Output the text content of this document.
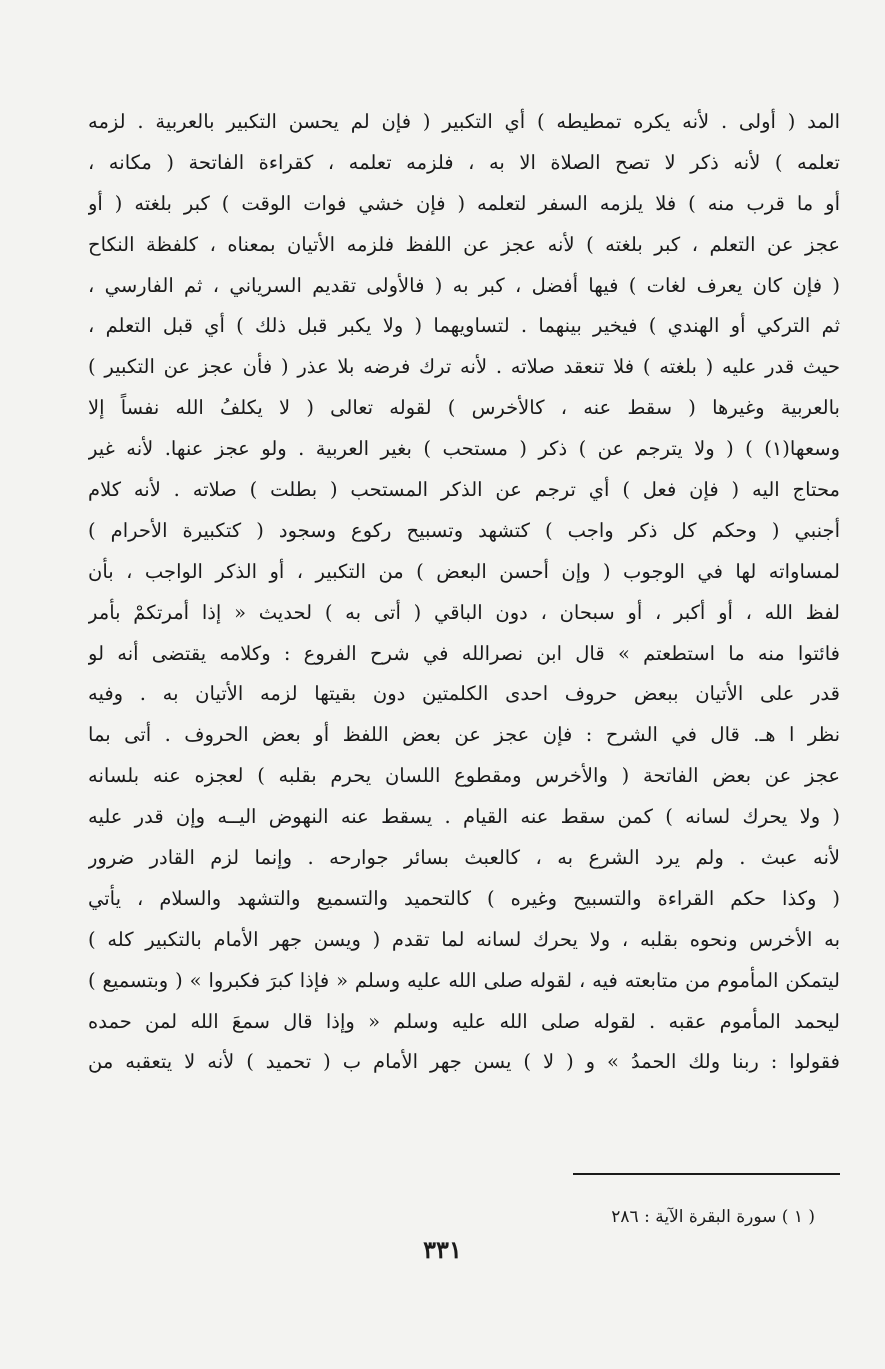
المد ( أولى . لأنه يكره تمطيطه ) أي التكبير ( فإن لم يحسن التكبير بالعربية . لزمه
تعلمه ) لأنه ذكر لا تصح الصلاة الا به ، فلزمه تعلمه ، كقراءة الفاتحة ( مكانه ،
أو ما قرب منه ) فلا يلزمه السفر لتعلمه ( فإن خشي فوات الوقت ) كبر بلغته ( أو
عجز عن التعلم ، كبر بلغته ) لأنه عجز عن اللفظ فلزمه الأتيان بمعناه ، كلفظة النكاح
( فإن كان يعرف لغات ) فيها أفضل ، كبر به ( فالأولى تقديم السرياني ، ثم الفارسي ،
ثم التركي أو الهندي ) فيخير بينهما . لتساويهما ( ولا يكبر قبل ذلك ) أي قبل التعلم ،
حيث قدر عليه ( بلغته ) فلا تنعقد صلاته . لأنه ترك فرضه بلا عذر ( فأن عجز عن التكبير )
بالعربية وغيرها ( سقط عنه ، كالأخرس ) لقوله تعالى ( لا يكلفُ الله نفساً إلا
وسعها(١) ) ( ولا يترجم عن ) ذكر ( مستحب ) بغير العربية . ولو عجز عنها. لأنه غير
محتاج اليه ( فإن فعل ) أي ترجم عن الذكر المستحب ( بطلت ) صلاته . لأنه كلام
أجنبي ( وحكم كل ذكر واجب ) كتشهد وتسبيح ركوع وسجود ( كتكبيرة الأحرام )
لمساواته لها في الوجوب ( وإن أحسن البعض ) من التكبير ، أو الذكر الواجب ، بأن
لفظ الله ، أو أكبر ، أو سبحان ، دون الباقي ( أتى به ) لحديث « إذا أمرتكمْ بأمر
فائتوا منه ما استطعتم » قال ابن نصرالله في شرح الفروع : وكلامه يقتضى أنه لو
قدر على الأتيان ببعض حروف احدى الكلمتين دون بقيتها لزمه الأتيان به . وفيه
نظر ا هـ. قال في الشرح : فإن عجز عن بعض اللفظ أو بعض الحروف . أتى بما
عجز عن بعض الفاتحة ( والأخرس ومقطوع اللسان يحرم بقلبه ) لعجزه عنه بلسانه
( ولا يحرك لسانه ) كمن سقط عنه القيام . يسقط عنه النهوض اليــه وإن قدر عليه
لأنه عبث . ولم يرد الشرع به ، كالعبث بسائر جوارحه . وإنما لزم القادر ضرور
( وكذا حكم القراءة والتسبيح وغيره ) كالتحميد والتسميع والتشهد والسلام ، يأتي
به الأخرس ونحوه بقلبه ، ولا يحرك لسانه لما تقدم ( ويسن جهر الأمام بالتكبير كله )
ليتمكن المأموم من متابعته فيه ، لقوله صلى الله عليه وسلم « فإذا كبرَ فكبروا » ( وبتسميع )
ليحمد المأموم عقبه . لقوله صلى الله عليه وسلم « وإذا قال سمعَ الله لمن حمده
فقولوا : ربنا ولك الحمدُ » و ( لا ) يسن جهر الأمام ب ( تحميد ) لأنه لا يتعقبه من
( ١ ) سورة البقرة الآية : ٢٨٦
٣٣١
